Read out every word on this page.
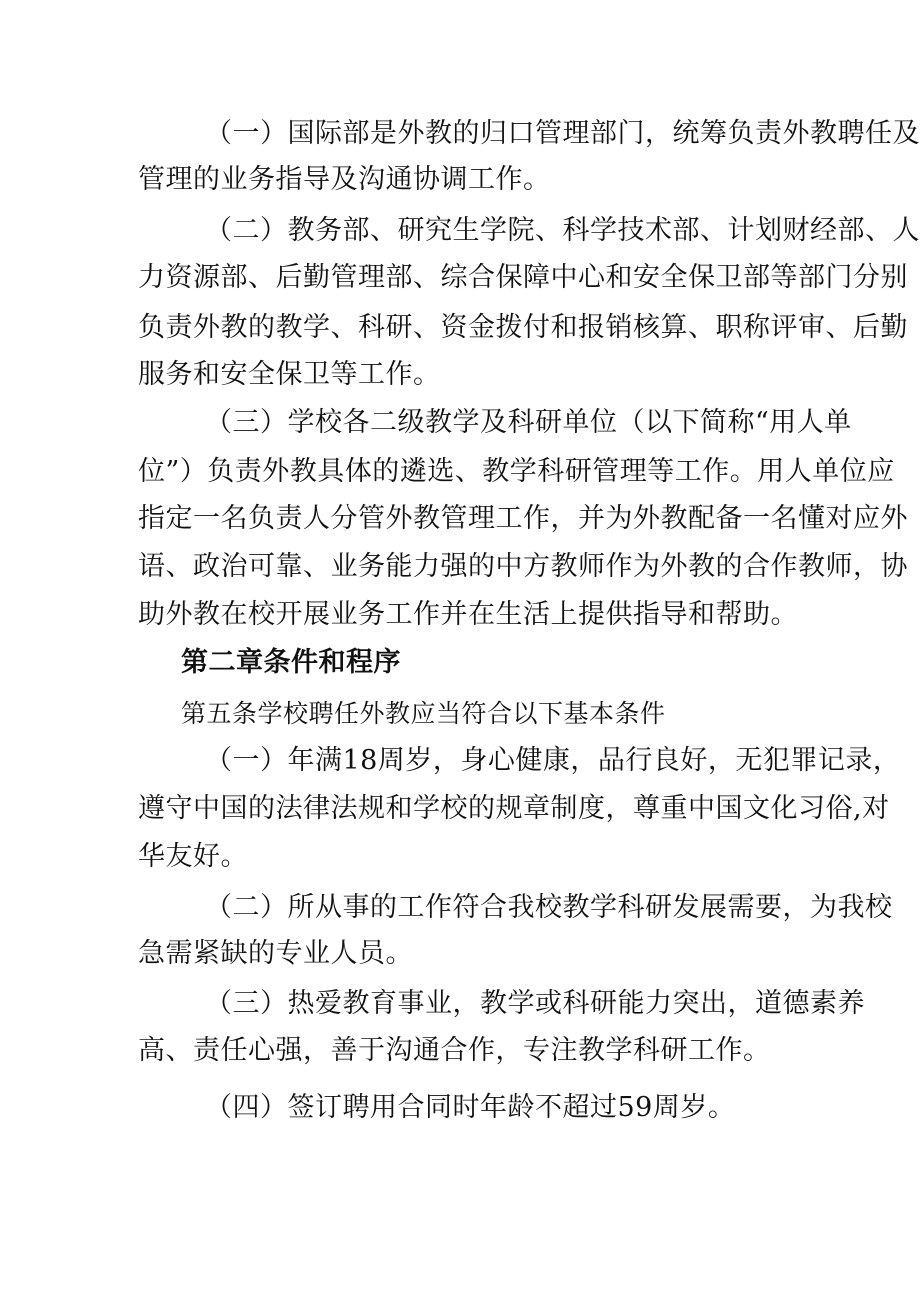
（一）国际部是外教的归口管理部门，统筹负责外教聘任及
管理的业务指导及沟通协调工作。
（二）教务部、研究生学院、科学技术部、计划财经部、人
力资源部、后勤管理部、综合保障中心和安全保卫部等部门分别
负责外教的教学、科研、资金拨付和报销核算、职称评审、后勤
服务和安全保卫等工作。
（三）学校各二级教学及科研单位（以下简称“用人单
位”）负责外教具体的遴选、教学科研管理等工作。用人单位应
指定一名负责人分管外教管理工作，并为外教配备一名懂对应外
语、政治可靠、业务能力强的中方教师作为外教的合作教师，协
助外教在校开展业务工作并在生活上提供指导和帮助。
第二章条件和程序
第五条学校聘任外教应当符合以下基本条件
（一）年满18周岁，身心健康，品行良好，无犯罪记录，
遵守中国的法律法规和学校的规章制度，尊重中国文化习俗,对
华友好。
（二）所从事的工作符合我校教学科研发展需要，为我校
急需紧缺的专业人员。
（三）热爱教育事业，教学或科研能力突出，道德素养
高、责任心强，善于沟通合作，专注教学科研工作。
（四）签订聘用合同时年龄不超过59周岁。
